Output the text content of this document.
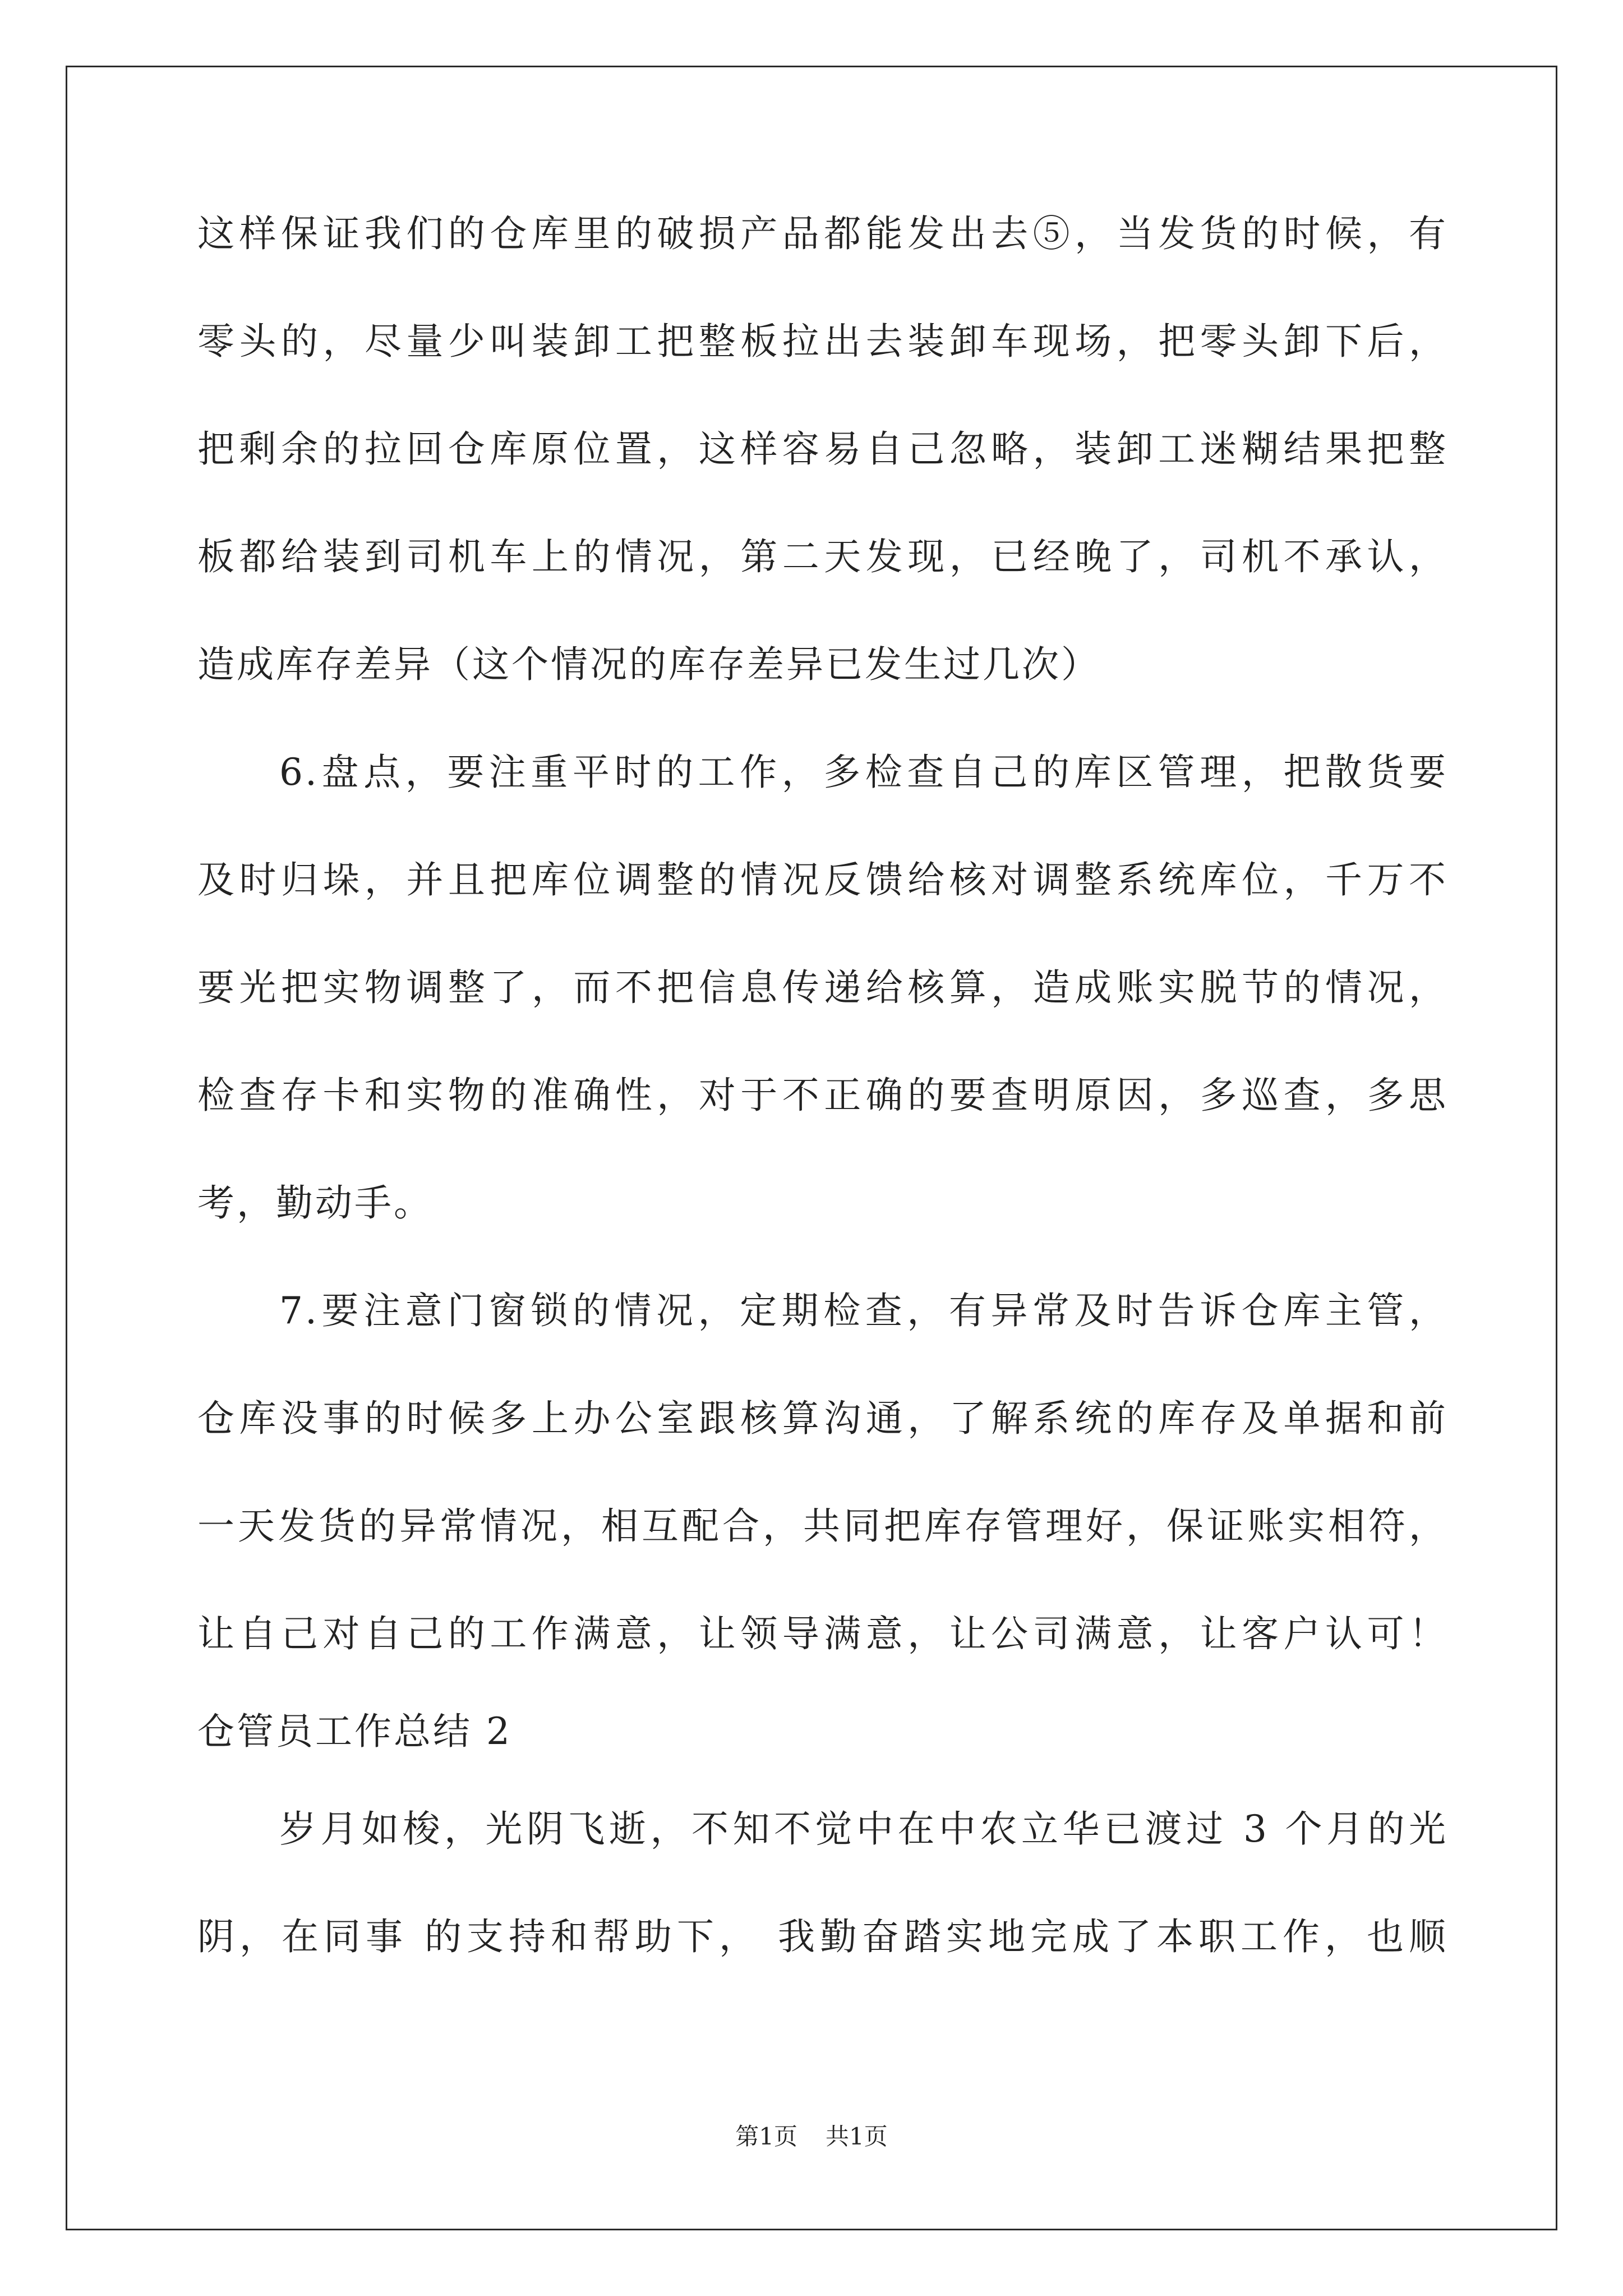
这样保证我们的仓库里的破损产品都能发出去⑤，当发货的时候，有
零头的，尽量少叫装卸工把整板拉出去装卸车现场，把零头卸下后，
把剩余的拉回仓库原位置，这样容易自己忽略，装卸工迷糊结果把整
板都给装到司机车上的情况，第二天发现，已经晚了，司机不承认，
造成库存差异（这个情况的库存差异已发生过几次）
6.盘点，要注重平时的工作，多检查自己的库区管理，把散货要
及时归垛，并且把库位调整的情况反馈给核对调整系统库位，千万不
要光把实物调整了，而不把信息传递给核算，造成账实脱节的情况，
检查存卡和实物的准确性，对于不正确的要查明原因，多巡查，多思
考，勤动手。
7.要注意门窗锁的情况，定期检查，有异常及时告诉仓库主管，
仓库没事的时候多上办公室跟核算沟通，了解系统的库存及单据和前
一天发货的异常情况，相互配合，共同把库存管理好，保证账实相符，
让自己对自己的工作满意，让领导满意，让公司满意，让客户认可！
仓管员工作总结 2
岁月如梭，光阴飞逝，不知不觉中在中农立华已渡过 3 个月的光
阴，在同事 的支持和帮助下， 我勤奋踏实地完成了本职工作，也顺
第1页 共1页
